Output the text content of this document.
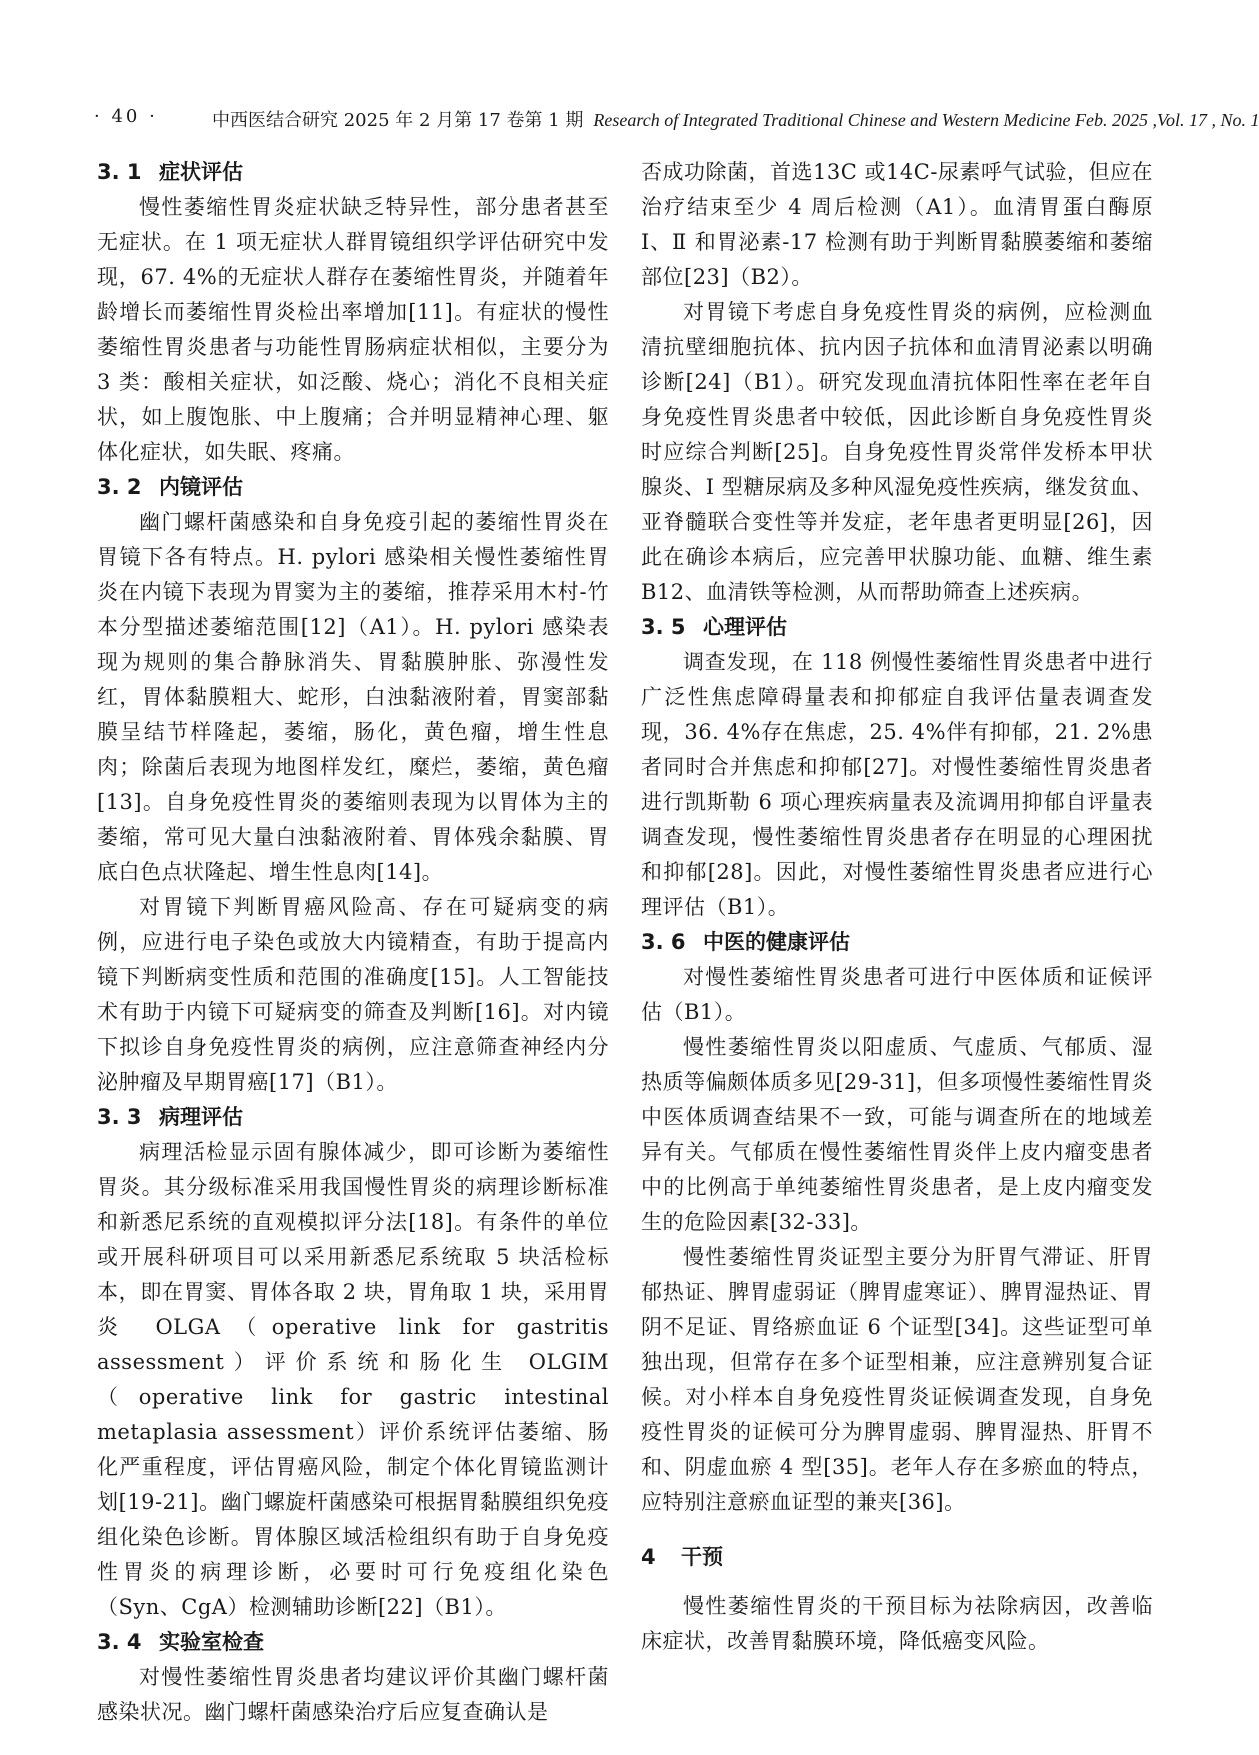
· 40 ·	中西医结合研究 2025 年 2 月第 17 卷第 1 期 Research of Integrated Traditional Chinese and Western Medicine Feb. 2025 ,Vol. 17 , No. 1
3. 1 症状评估

慢性萎缩性胃炎症状缺乏特异性，部分患者甚至无症状。在 1 项无症状人群胃镜组织学评估研究中发现，67. 4%的无症状人群存在萎缩性胃炎，并随着年龄增长而萎缩性胃炎检出率增加[11]。有症状的慢性萎缩性胃炎患者与功能性胃肠病症状相似，主要分为 3 类：酸相关症状，如泛酸、烧心；消化不良相关症状，如上腹饱胀、中上腹痛；合并明显精神心理、躯体化症状，如失眠、疼痛。

3. 2 内镜评估

幽门螺杆菌感染和自身免疫引起的萎缩性胃炎在胃镜下各有特点。H. pylori 感染相关慢性萎缩性胃炎在内镜下表现为胃窦为主的萎缩，推荐采用木村-竹本分型描述萎缩范围[12]（A1）。H. pylori 感染表现为规则的集合静脉消失、胃黏膜肿胀、弥漫性发红，胃体黏膜粗大、蛇形，白浊黏液附着，胃窦部黏膜呈结节样隆起，萎缩，肠化，黄色瘤，增生性息肉；除菌后表现为地图样发红，糜烂，萎缩，黄色瘤[13]。自身免疫性胃炎的萎缩则表现为以胃体为主的萎缩，常可见大量白浊黏液附着、胃体残余黏膜、胃底白色点状隆起、增生性息肉[14]。

对胃镜下判断胃癌风险高、存在可疑病变的病例，应进行电子染色或放大内镜精查，有助于提高内镜下判断病变性质和范围的准确度[15]。人工智能技术有助于内镜下可疑病变的筛查及判断[16]。对内镜下拟诊自身免疫性胃炎的病例，应注意筛查神经内分泌肿瘤及早期胃癌[17]（B1）。

3. 3 病理评估

病理活检显示固有腺体减少，即可诊断为萎缩性胃炎。其分级标准采用我国慢性胃炎的病理诊断标准和新悉尼系统的直观模拟评分法[18]。有条件的单位或开展科研项目可以采用新悉尼系统取 5 块活检标本，即在胃窦、胃体各取 2 块，胃角取 1 块，采用胃炎 OLGA（operative link for gastritis assessment）评价系统和肠化生 OLGIM（operative link for gastric intestinal metaplasia assessment）评价系统评估萎缩、肠化严重程度，评估胃癌风险，制定个体化胃镜监测计划[19-21]。幽门螺旋杆菌感染可根据胃黏膜组织免疫组化染色诊断。胃体腺区域活检组织有助于自身免疫性胃炎的病理诊断，必要时可行免疫组化染色（Syn、CgA）检测辅助诊断[22]（B1）。

3. 4 实验室检查

对慢性萎缩性胃炎患者均建议评价其幽门螺杆菌感染状况。幽门螺杆菌感染治疗后应复查确认是

否成功除菌，首选13C 或14C-尿素呼气试验，但应在治疗结束至少 4 周后检测（A1）。血清胃蛋白酶原 Ⅰ、Ⅱ 和胃泌素-17 检测有助于判断胃黏膜萎缩和萎缩部位[23]（B2）。

对胃镜下考虑自身免疫性胃炎的病例，应检测血清抗壁细胞抗体、抗内因子抗体和血清胃泌素以明确诊断[24]（B1）。研究发现血清抗体阳性率在老年自身免疫性胃炎患者中较低，因此诊断自身免疫性胃炎时应综合判断[25]。自身免疫性胃炎常伴发桥本甲状腺炎、Ⅰ 型糖尿病及多种风湿免疫性疾病，继发贫血、亚脊髓联合变性等并发症，老年患者更明显[26]，因此在确诊本病后，应完善甲状腺功能、血糖、维生素 B12、血清铁等检测，从而帮助筛查上述疾病。

3. 5 心理评估

调查发现，在 118 例慢性萎缩性胃炎患者中进行广泛性焦虑障碍量表和抑郁症自我评估量表调查发现，36. 4%存在焦虑，25. 4%伴有抑郁，21. 2%患者同时合并焦虑和抑郁[27]。对慢性萎缩性胃炎患者进行凯斯勒 6 项心理疾病量表及流调用抑郁自评量表调查发现，慢性萎缩性胃炎患者存在明显的心理困扰和抑郁[28]。因此，对慢性萎缩性胃炎患者应进行心理评估（B1）。

3. 6 中医的健康评估

对慢性萎缩性胃炎患者可进行中医体质和证候评估（B1）。

慢性萎缩性胃炎以阳虚质、气虚质、气郁质、湿热质等偏颇体质多见[29-31]，但多项慢性萎缩性胃炎中医体质调查结果不一致，可能与调查所在的地域差异有关。气郁质在慢性萎缩性胃炎伴上皮内瘤变患者中的比例高于单纯萎缩性胃炎患者，是上皮内瘤变发生的危险因素[32-33]。

慢性萎缩性胃炎证型主要分为肝胃气滞证、肝胃郁热证、脾胃虚弱证（脾胃虚寒证）、脾胃湿热证、胃阴不足证、胃络瘀血证 6 个证型[34]。这些证型可单独出现，但常存在多个证型相兼，应注意辨别复合证候。对小样本自身免疫性胃炎证候调查发现，自身免疫性胃炎的证候可分为脾胃虚弱、脾胃湿热、肝胃不和、阴虚血瘀 4 型[35]。老年人存在多瘀血的特点，应特别注意瘀血证型的兼夹[36]。

4 干预

慢性萎缩性胃炎的干预目标为祛除病因，改善临床症状，改善胃黏膜环境，降低癌变风险。
